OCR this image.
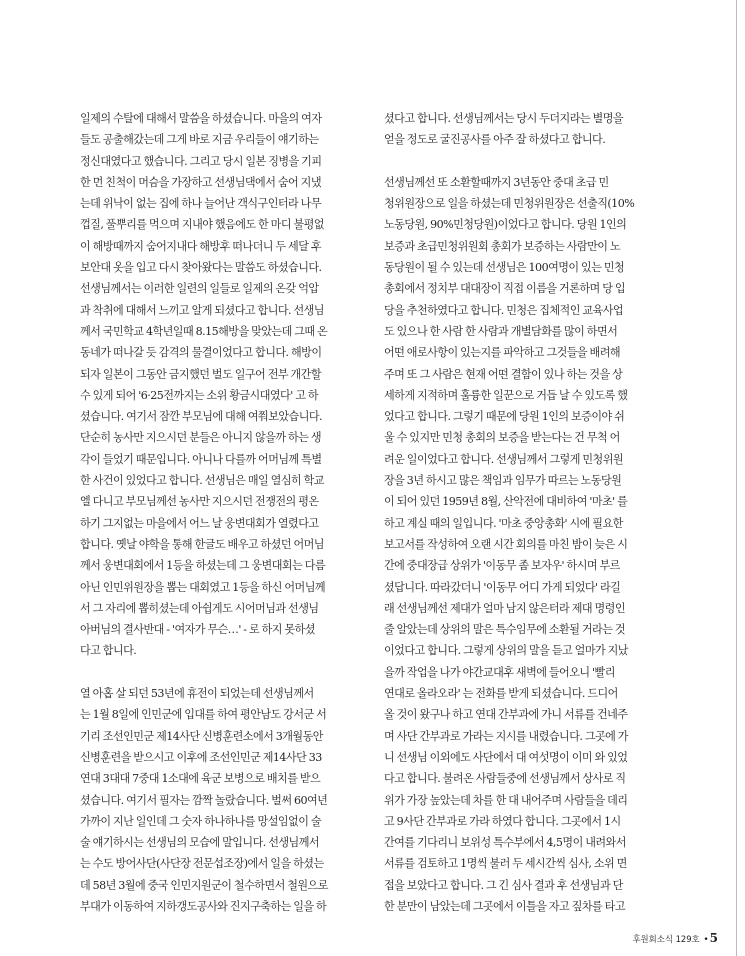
일제의 수탈에 대해서 말씀을 하셨습니다. 마을의 여자
들도 공출해갔는데 그게 바로 지금 우리들이 얘기하는
정신대였다고 했습니다. 그리고 당시 일본 징병을 기피
한 먼 친척이 머슴을 가장하고 선생님댁에서 숨어 지냈
는데 위낙이 없는 집에 하나 늘어난 객식구인터라 나무
껍질, 풀뿌리를 먹으며 지내야 했음에도 한 마디 불평없
이 해방때까지 숨어지내다 해방후 떠나더니 두 세달 후
보안대 옷을 입고 다시 찾아왔다는 말씀도 하셨습니다.
선생님께서는 이러한 일련의 일들로 일제의 온갖 억압
과 착취에 대해서 느끼고 알게 되셨다고 합니다. 선생님
께서 국민학교 4학년일때 8.15해방을 맞았는데 그때 온
동네가 떠나갈 듯 감격의 물결이었다고 합니다. 해방이
되자 일본이 그동안 금지했던 벌도 일구어 전부 개간할
수 있게 되어 '6·25전까지는 소위 황금시대였다' 고 하
셨습니다. 여기서 잠깐 부모님에 대해 여쭤보았습니다.
단순히 농사만 지으시던 분들은 아니지 않을까 하는 생
각이 들었기 때문입니다. 아니나 다를까 어머님께 특별
한 사건이 있었다고 합니다. 선생님은 매일 열심히 학교
엘 다니고 부모님께선 농사만 지으시던 전쟁전의 평온
하기 그지없는 마을에서 어느 날 웅변대회가 열렸다고
합니다. 옛날 야학을 통해 한글도 배우고 하셨던 어머님
께서 웅변대회에서 1등을 하셨는데 그 웅변대회는 다름
아닌 인민위원장을 뽑는 대회였고 1등을 하신 어머님께
서 그 자리에 뽑히셨는데 아쉽게도 시어머님과 선생님
아버님의 결사반대 - '여자가 무슨…' - 로 하지 못하셨
다고 합니다.
열 아홉 살 되던 53년에 휴전이 되었는데 선생님께서
는 1월 8일에 인민군에 입대를 하여 평안남도 강서군 서
기리 조선인민군 제14사단 신병훈련소에서 3개월동안
신병훈련을 받으시고 이후에 조선인민군 제14사단 33
연대 3대대 7중대 1소대에 육군 보병으로 배치를 받으
셨습니다. 여기서 필자는 깜짝 놀랐습니다. 벌써 60여년
가까이 지난 일인데 그 숫자 하나하나를 망설임없이 술
술 얘기하시는 선생님의 모습에 말입니다. 선생님께서
는 수도 방어사단(사단장 전문섭조장)에서 일을 하셨는
데 58년 3월에 중국 인민지원군이 철수하면서 철원으로
부대가 이동하여 지하갱도공사와 진지구축하는 일을 하
셨다고 합니다. 선생님께서는 당시 두더지라는 별명을
얻을 정도로 굴진공사를 아주 잘 하셨다고 합니다.
선생님께선 또 소환할때까지 3년동안 중대 초급 민
청위원장으로 일을 하셨는데 민청위원장은 선출직(10%
노동당원, 90%민청당원)이었다고 합니다. 당원 1인의
보증과 초급민청위원회 총회가 보증하는 사람만이 노
동당원이 될 수 있는데 선생님은 100여명이 있는 민청
총회에서 정치부 대대장이 직접 이름을 거론하며 당 입
당을 추천하였다고 합니다. 민청은 집체적인 교육사업
도 있으나 한 사람 한 사람과 개별담화를 많이 하면서
어떤 애로사항이 있는지를 파악하고 그것들을 배려해
주며 또 그 사람은 현재 어떤 결함이 있나 하는 것을 상
세하게 지적하며 훌륭한 일꾼으로 거듭 날 수 있도록 했
었다고 합니다. 그렇기 때문에 당원 1인의 보증이야 쉬
울 수 있지만 민청 총회의 보증을 받는다는 건 무척 어
려운 일이었다고 합니다. 선생님께서 그렇게 민청위원
장을 3년 하시고 많은 책임과 임무가 따르는 노동당원
이 되어 있던 1959년 8월, 산악전에 대비하여 '마초' 를
하고 계실 때의 일입니다. '마초 중앙총화' 시에 필요한
보고서를 작성하여 오랜 시간 회의를 마친 밤이 늦은 시
간에 중대장급 상위가 '이동무 좀 보자우' 하시며 부르
셨답니다. 따라갔더니 '이동무 어디 가게 되었다' 라길
래 선생님께선 제대가 얼마 남지 않은터라 제대 명령인
줄 알았는데 상위의 말은 특수임무에 소환될 거라는 것
이었다고 합니다. 그렇게 상위의 말을 듣고 얼마가 지났
을까 작업을 나가 야간교대후 새벽에 들어오니 '빨리
연대로 올라오라' 는 전화를 받게 되셨습니다. 드디어
올 것이 왔구나 하고 연대 간부과에 가니 서류를 건네주
며 사단 간부과로 가라는 지시를 내렸습니다. 그곳에 가
니 선생님 이외에도 사단에서 대 여섯명이 이미 와 있었
다고 합니다. 불려온 사람들중에 선생님께서 상사로 직
위가 가장 높았는데 차를 한 대 내어주며 사람들을 데리
고 9사단 간부과로 가라 하였다 합니다. 그곳에서 1시
간여를 기다리니 보위성 특수부에서 4,5명이 내려와서
서류를 검토하고 1명씩 불러 두 세시간씩 심사, 소위 면
접을 보았다고 합니다. 그 긴 심사 결과 후 선생님과 단
한 분만이 남았는데 그곳에서 이틀을 자고 짚차를 타고
후원회소식 129호 •5
